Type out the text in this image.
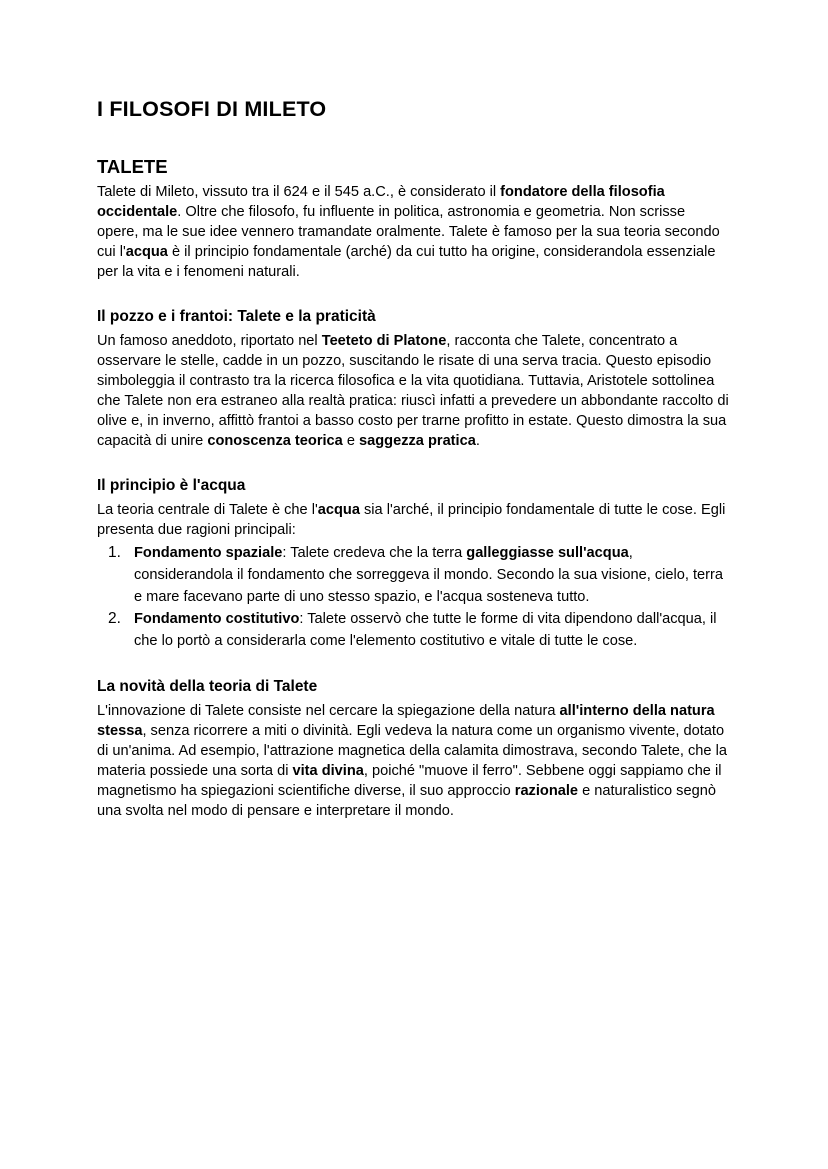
I FILOSOFI DI MILETO
TALETE

Talete di Mileto, vissuto tra il 624 e il 545 a.C., è considerato il fondatore della filosofia occidentale. Oltre che filosofo, fu influente in politica, astronomia e geometria. Non scrisse opere, ma le sue idee vennero tramandate oralmente. Talete è famoso per la sua teoria secondo cui l'acqua è il principio fondamentale (arché) da cui tutto ha origine, considerandola essenziale per la vita e i fenomeni naturali.

Il pozzo e i frantoi: Talete e la praticità

Un famoso aneddoto, riportato nel Teeteto di Platone, racconta che Talete, concentrato a osservare le stelle, cadde in un pozzo, suscitando le risate di una serva tracia. Questo episodio simboleggia il contrasto tra la ricerca filosofica e la vita quotidiana. Tuttavia, Aristotele sottolinea che Talete non era estraneo alla realtà pratica: riuscì infatti a prevedere un abbondante raccolto di olive e, in inverno, affittò frantoi a basso costo per trarne profitto in estate. Questo dimostra la sua capacità di unire conoscenza teorica e saggezza pratica.

Il principio è l'acqua

La teoria centrale di Talete è che l'acqua sia l'arché, il principio fondamentale di tutte le cose. Egli presenta due ragioni principali:

1. Fondamento spaziale: Talete credeva che la terra galleggiasse sull'acqua, considerandola il fondamento che sorreggeva il mondo. Secondo la sua visione, cielo, terra e mare facevano parte di uno stesso spazio, e l'acqua sosteneva tutto.
2. Fondamento costitutivo: Talete osservò che tutte le forme di vita dipendono dall'acqua, il che lo portò a considerarla come l'elemento costitutivo e vitale di tutte le cose.
La novità della teoria di Talete

L'innovazione di Talete consiste nel cercare la spiegazione della natura all'interno della natura stessa, senza ricorrere a miti o divinità. Egli vedeva la natura come un organismo vivente, dotato di un'anima. Ad esempio, l'attrazione magnetica della calamita dimostrava, secondo Talete, che la materia possiede una sorta di vita divina, poiché "muove il ferro". Sebbene oggi sappiamo che il magnetismo ha spiegazioni scientifiche diverse, il suo approccio razionale e naturalistico segnò una svolta nel modo di pensare e interpretare il mondo.
